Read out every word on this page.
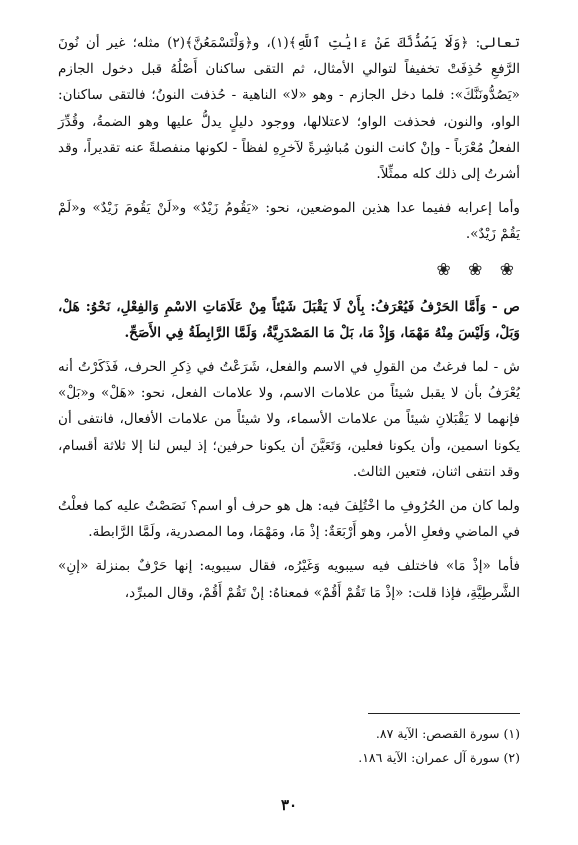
تعالى: ﴿وَلَا يَصُدُّنَّكَ عَنْ ءَايَٰتِ ٱللَّهِ﴾(١)، و﴿وَلْتَسْمَعُنَّ﴾(٢) مثله؛ غير أن نُونَ الرَّفعِ حُذِفَتْ تخفيفاً لتوالي الأمثال، ثم التقى ساكنان أَصْلُهُ قبل دخول الجازم «يَصُدُّونَنَّكَ»: فلما دخل الجازم - وهو «لا» الناهية - حُذفت النونُ؛ فالتقى ساكنان: الواو، والنون، فحذفت الواو؛ لاعتلالها، ووجود دليلٍ يدلُّ عليها وهو الضمةُ، وقُدِّرَ الفعلُ مُعْرَباً - وإنْ كانت النون مُباشِرةً لآخرِهِ لفظاً - لكونها منفصلةً عنه تقديراً، وقد أشرتُ إلى ذلك كله ممثِّلاً.

وأما إعرابه ففيما عدا هذين الموضعين، نحو: «يَقُومُ زَيْدٌ» و«لَنْ يَقُومَ زَيْدٌ» و«لَمْ يَقُمْ زَيْدٌ».

❀ ❀ ❀

ص - وَأَمَّا الحَرْفُ فَيُعْرَفُ: بِأَنْ لَا يَقْبَلَ شَيْئاً مِنْ عَلَامَاتِ الاسْمِ وَالفِعْلِ، نَحْوُ: هَلْ، وَبَلْ، وَلَيْسَ مِنْهُ مَهْمَا، وَإِذْ مَا، بَلْ مَا المَصْدَرِيَّةُ، وَلَمَّا الرَّابِطَةُ فِي الأَصَحِّ.

ش - لما فرغتُ من القولِ في الاسم والفعل، شَرَعْتُ في ذِكرِ الحرف، فَذَكَرْتُ أنه يُعْرَفُ بأن لا يقبل شيئاً من علامات الاسم، ولا علامات الفعل، نحو: «هَلْ» و«بَلْ» فإنهما لا يَقْبَلانِ شيئاً من علامات الأسماء، ولا شيئاً من علامات الأفعال، فانتفى أن يكونا اسمين، وأن يكونا فعلين، وَتَعَيَّنَ أن يكونا حرفين؛ إذ ليس لنا إلا ثلاثة أقسام، وقد انتفى اثنان، فتعين الثالث.

ولما كان من الحُرُوفِ ما اخْتُلِفَ فيه: هل هو حرف أو اسم؟ نَصَصْتُ عليه كما فعلْتُ في الماضي وفعلِ الأمر، وهو أَرْبَعَةٌ: إذْ مَا، ومَهْمَا، وما المصدرية، ولَمَّا الرَّابطة.

فأما «إذْ مَا» فاختلف فيه سيبويه وَغَيْرُه، فقال سيبويه: إنها حَرْفٌ بمنزلة «إنِ» الشَّرطِيَّةِ، فإذا قلت: «إذْ مَا تَقُمْ أَقُمْ» فمعناهُ: إنْ تَقُمْ أَقُمْ، وقال المبرِّد،

(١) سورة القصص: الآية ٨٧.
(٢) سورة آل عمران: الآية ١٨٦.
٣٠
